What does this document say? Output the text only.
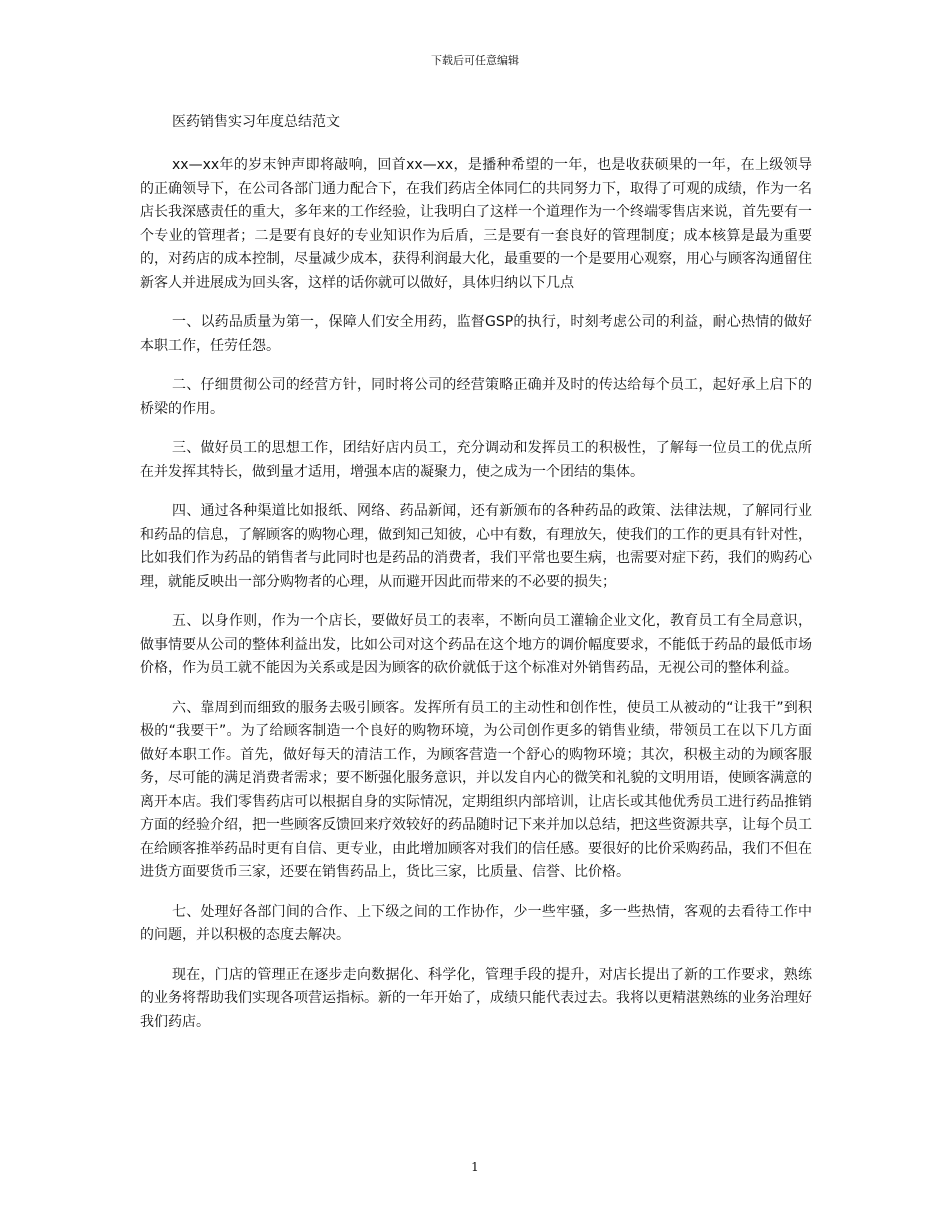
下载后可任意编辑
医药销售实习年度总结范文

xx—xx年的岁末钟声即将敲响，回首xx—xx，是播种希望的一年，也是收获硕果的一年，在上级领导的正确领导下，在公司各部门通力配合下，在我们药店全体同仁的共同努力下，取得了可观的成绩，作为一名店长我深感责任的重大，多年来的工作经验，让我明白了这样一个道理作为一个终端零售店来说，首先要有一个专业的管理者；二是要有良好的专业知识作为后盾，三是要有一套良好的管理制度；成本核算是最为重要的，对药店的成本控制，尽量减少成本，获得利润最大化，最重要的一个是要用心观察，用心与顾客沟通留住新客人并进展成为回头客，这样的话你就可以做好，具体归纳以下几点

一、以药品质量为第一，保障人们安全用药，监督GSP的执行，时刻考虑公司的利益，耐心热情的做好本职工作，任劳任怨。

二、仔细贯彻公司的经营方针，同时将公司的经营策略正确并及时的传达给每个员工，起好承上启下的桥梁的作用。

三、做好员工的思想工作，团结好店内员工，充分调动和发挥员工的积极性，了解每一位员工的优点所在并发挥其特长，做到量才适用，增强本店的凝聚力，使之成为一个团结的集体。

四、通过各种渠道比如报纸、网络、药品新闻，还有新颁布的各种药品的政策、法律法规，了解同行业和药品的信息，了解顾客的购物心理，做到知己知彼，心中有数，有理放矢，使我们的工作的更具有针对性，比如我们作为药品的销售者与此同时也是药品的消费者，我们平常也要生病，也需要对症下药，我们的购药心理，就能反映出一部分购物者的心理，从而避开因此而带来的不必要的损失；

五、以身作则，作为一个店长，要做好员工的表率，不断向员工灌输企业文化，教育员工有全局意识，做事情要从公司的整体利益出发，比如公司对这个药品在这个地方的调价幅度要求，不能低于药品的最低市场价格，作为员工就不能因为关系或是因为顾客的砍价就低于这个标准对外销售药品，无视公司的整体利益。

六、靠周到而细致的服务去吸引顾客。发挥所有员工的主动性和创作性，使员工从被动的“让我干”到积极的“我要干”。为了给顾客制造一个良好的购物环境，为公司创作更多的销售业绩，带领员工在以下几方面做好本职工作。首先，做好每天的清洁工作，为顾客营造一个舒心的购物环境；其次，积极主动的为顾客服务，尽可能的满足消费者需求；要不断强化服务意识，并以发自内心的微笑和礼貌的文明用语，使顾客满意的离开本店。我们零售药店可以根据自身的实际情况，定期组织内部培训，让店长或其他优秀员工进行药品推销方面的经验介绍，把一些顾客反馈回来疗效较好的药品随时记下来并加以总结，把这些资源共享，让每个员工在给顾客推举药品时更有自信、更专业，由此增加顾客对我们的信任感。要很好的比价采购药品，我们不但在进货方面要货币三家，还要在销售药品上，货比三家，比质量、信誉、比价格。

七、处理好各部门间的合作、上下级之间的工作协作，少一些牢骚，多一些热情，客观的去看待工作中的问题，并以积极的态度去解决。

现在，门店的管理正在逐步走向数据化、科学化，管理手段的提升，对店长提出了新的工作要求，熟练的业务将帮助我们实现各项营运指标。新的一年开始了，成绩只能代表过去。我将以更精湛熟练的业务治理好我们药店。

1
